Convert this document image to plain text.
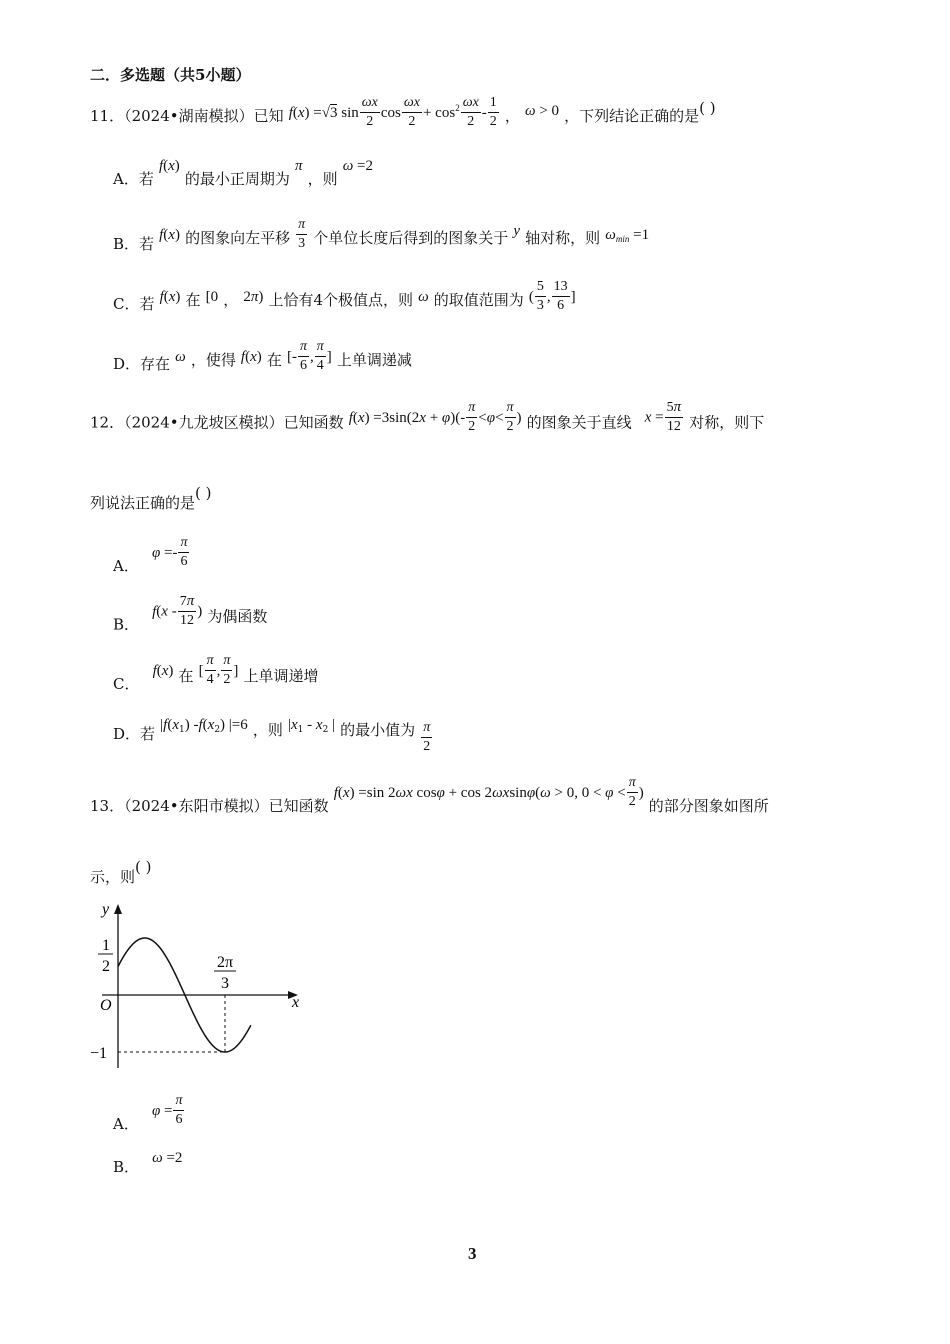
二．多选题（共5小题）
11．（2024•湖南模拟）已知 f(x) =√3 $\sin \frac{\omega x}{2}$ $\cos \frac{\omega x}{2} + \cos^2 \frac{\omega x}{2} - \frac{1}{2}$ ， ω > 0 ，下列结论正确的是( )
A．若 f(x) 的最小正周期为 π ，则 ω =2
B．若 f(x) 的图象向左平移 $\frac{\pi}{3}$ 个单位长度后得到的图象关于 y 轴对称，则 $\omega_{min} =1$
C．若 f(x) 在 [0 ， 2π) 上恰有4个极值点，则 ω 的取值范围为 ( $\frac{5}{3}$ , $\frac{13}{6}$ ]
D．存在 ω ，使得 f(x) 在 [- $\frac{\pi}{6}$ , $\frac{\pi}{4}$ ] 上单调递减
12．（2024•九龙坡区模拟）已知函数 $f(x) =3\sin(2x + \varphi)(- \frac{\pi}{2} <\varphi< \frac{\pi}{2}$ ) 的图象关于直线 $x = \frac{5\pi}{12}$ 对称，则下
列说法正确的是( )
A． $\varphi =- \frac{\pi}{6}$
B． $f(x - \frac{7\pi}{12}$ ) 为偶函数
C． f(x) 在 [ $\frac{\pi}{4}$ , $\frac{\pi}{2}$ ] 上单调递增
D．若 $|f(x_1)$ $-f(x_2)$ |=6 ，则 $|x_1 - x_2$ | 的最小值为 $\frac{\pi}{2}$
13．（2024•东阳市模拟）已知函数 f(x) =sin 2ωx cosφ + cos 2ωxsinφ(ω > 0, $0 < \varphi < \frac{\pi}{2}$ ) 的部分图象如图所
示，则( )
y
x
O
1
2	2π
3
−1
A． $\varphi = \frac{\pi}{6}$
B． ω =2
3
